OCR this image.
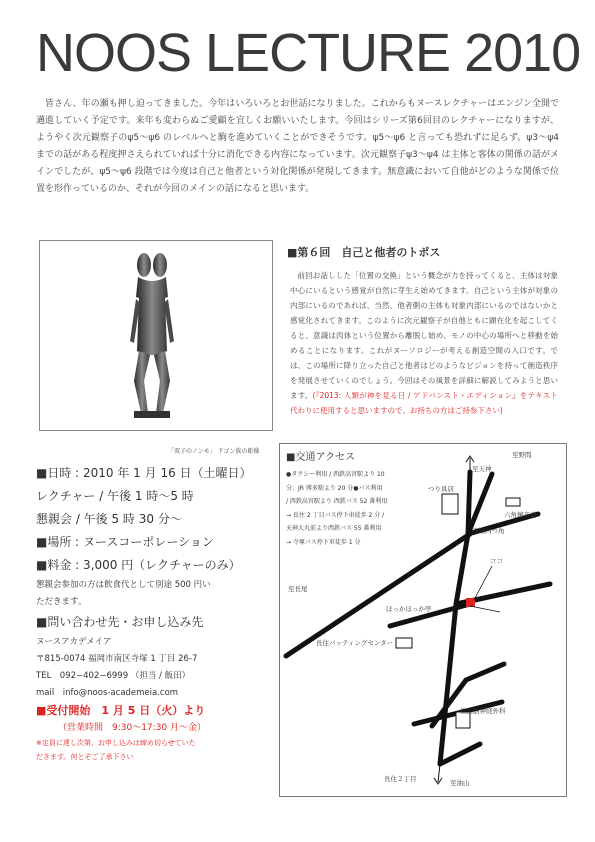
NOOS LECTURE 2010
皆さん、年の瀬も押し迫ってきました。今年はいろいろとお世話になりました。これからもヌースレクチャーはエンジン全開で邁進していく予定です。来年も変わらぬご愛顧を宜しくお願いいたします。今回はシリーズ第6回目のレクチャーになりますが、ようやく次元観察子のψ5〜ψ6 のレベルへと駒を進めていくことができそうです。ψ5〜ψ6 と言っても恐れずに足らず。ψ3〜ψ4 までの話がある程度押さえられていれば十分に消化できる内容になっています。次元観察子ψ3〜ψ4 は主体と客体の関係の話がメインでしたが、ψ5〜ψ6 段階では今度は自己と他者という対化関係が発現してきます。無意識において自他がどのような関係で位置を形作っているのか、それが今回のメインの話になると思います。
「双子のノンモ」 ドゴン族の彫像
■第６回　自己と他者のトポス
前回お話しした「位置の交換」という概念が力を持ってくると、主体は対象中心にいるという感覚が自然に芽生え始めてきます。自己という主体が対象の内部にいるのであれば、当然、他者側の主体も対象内部にいるのではないかと感覚化されてきます。このように次元観察子が自他ともに顕在化を起こしてくると、意識は肉体という位置から離脱し始め、モノの中心の場所へと移動を始めることになります。これがヌーソロジーが考える創造空間の入口です。では、この場所に降り立った自己と他者はどのようなビジョンを持って創造秩序を発展させていくのでしょう。今回はその風景を詳細に解説してみようと思います。(『2013: 人類が神を見る日 / アドバンスト・エディション』をテキスト代わりに使用すると思いますので、お持ちの方はご持参下さい)
■日時 : 2010 年 1 月 16 日（土曜日）
レクチャー / 午後 1 時〜5 時
懇親会 / 午後 5 時 30 分〜
■場所 : ヌースコーポレーション
■料金 : 3,000 円（レクチャーのみ）
懇親会参加の方は飲食代として別途 500 円い
ただきます。
■問い合わせ先・お申し込み先
ヌースアカデメイア
〒815-0074 福岡市南区寺塚 1 丁目 26-7
TEL　092−402−6999 （担当 / 飯田）
mail　info@noos-academeia.com
■受付開始　1 月 5 日（火）より
（営業時間　9:30〜17:30 月〜金）
※定員に達し次第、お申し込みは締め切らせていた
だきます。何とぞご了承下さい
■交通アクセス
●タクシー利用 / 西鉄高宮駅より 10
分、JR 博多駅より 20 分●バス利用
/ 西鉄高宮駅より 西鉄バス 52 番利用
→ 長住 2 丁目バス停下車徒歩 2 分 /
天神大丸前より西鉄バス 55 番利用
→ 寺塚バス停下車徒歩 1 分
至野間
至天神
つり具店
六角鏡音前
寺塚四つ角
ココ
至長尾
ほっかほっか亭
長住バッティングセンター
松田脳神経外科
長住２丁目	至油山
